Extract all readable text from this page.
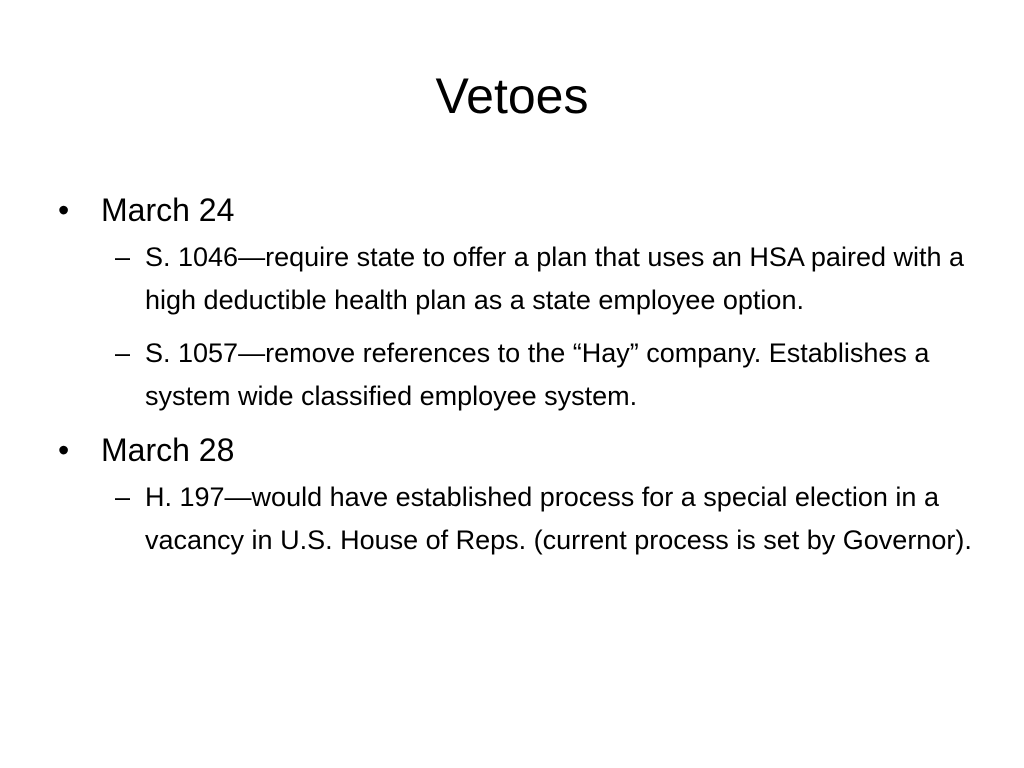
Vetoes
• March 24
– S. 1046—require state to offer a plan that uses an HSA paired with a high deductible health plan as a state employee option.
– S. 1057—remove references to the “Hay” company. Establishes a system wide classified employee system.
• March 28
– H. 197—would have established process for a special election in a vacancy in U.S. House of Reps. (current process is set by Governor).
